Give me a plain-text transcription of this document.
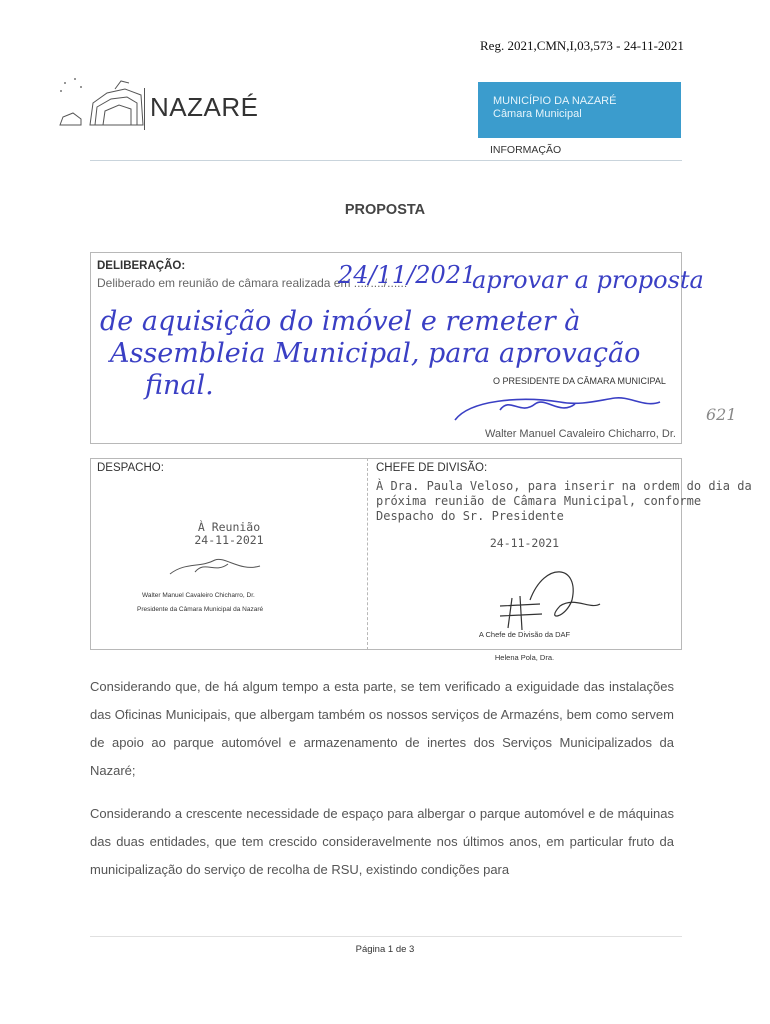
Reg. 2021,CMN,I,03,573 - 24-11-2021
NAZARÉ	MUNICÍPIO DA NAZARÉ
Câmara Municipal
INFORMAÇÃO
PROPOSTA
DELIBERAÇÃO:
Deliberado em reunião de câmara realizada em ..../..../......
O PRESIDENTE DA CÂMARA MUNICIPAL
Walter Manuel Cavaleiro Chicharro, Dr.
24/11/2021
aprovar a proposta
de aquisição do imóvel e remeter à
Assembleia Municipal, para aprovação
final.
621
DESPACHO:
À Reunião
24-11-2021
Walter Manuel Cavaleiro Chicharro, Dr.
Presidente da Câmara Municipal da Nazaré
CHEFE DE DIVISÃO:
À Dra. Paula Veloso, para inserir na ordem do dia da
próxima reunião de Câmara Municipal, conforme
Despacho do Sr. Presidente
24-11-2021
A Chefe de Divisão da DAF
Helena Pola, Dra.
Considerando que, de há algum tempo a esta parte, se tem verificado a exiguidade das instalações das Oficinas Municipais, que albergam também os nossos serviços de Armazéns, bem como servem de apoio ao parque automóvel e armazenamento de inertes dos Serviços Municipalizados da Nazaré;
Considerando a crescente necessidade de espaço para albergar o parque automóvel e de máquinas das duas entidades, que tem crescido consideravelmente nos últimos anos, em particular fruto da municipalização do serviço de recolha de RSU, existindo condições para
Página 1 de 3
